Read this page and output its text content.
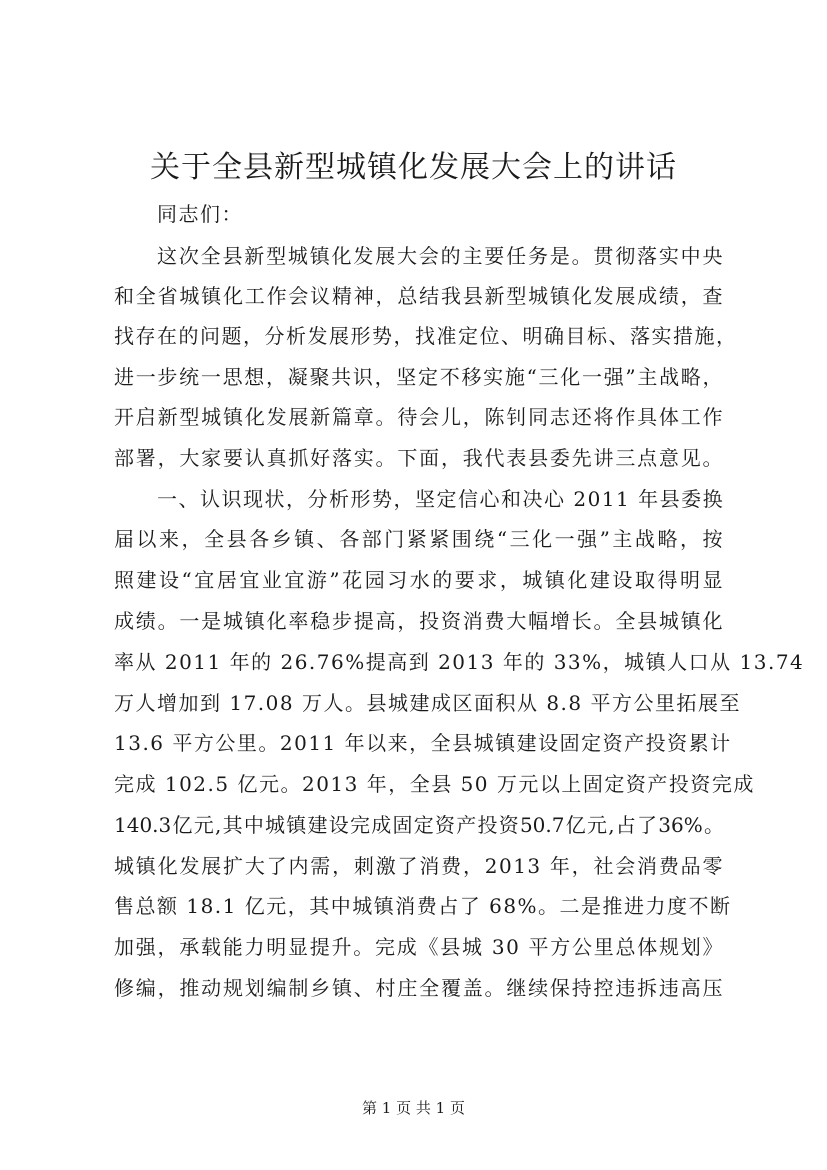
关于全县新型城镇化发展大会上的讲话
同志们：
这次全县新型城镇化发展大会的主要任务是。贯彻落实中央
和全省城镇化工作会议精神，总结我县新型城镇化发展成绩，查
找存在的问题，分析发展形势，找准定位、明确目标、落实措施，
进一步统一思想，凝聚共识，坚定不移实施“三化一强”主战略，
开启新型城镇化发展新篇章。待会儿，陈钊同志还将作具体工作
部署，大家要认真抓好落实。下面，我代表县委先讲三点意见。
一、认识现状，分析形势，坚定信心和决心 2011 年县委换
届以来，全县各乡镇、各部门紧紧围绕“三化一强”主战略，按
照建设“宜居宜业宜游”花园习水的要求，城镇化建设取得明显
成绩。一是城镇化率稳步提高，投资消费大幅增长。全县城镇化
率从 2011 年的 26.76%提高到 2013 年的 33%，城镇人口从 13.74
万人增加到 17.08 万人。县城建成区面积从 8.8 平方公里拓展至
13.6 平方公里。2011 年以来，全县城镇建设固定资产投资累计
完成 102.5 亿元。2013 年，全县 50 万元以上固定资产投资完成
140.3亿元,其中城镇建设完成固定资产投资50.7亿元,占了36%。
城镇化发展扩大了内需，刺激了消费，2013 年，社会消费品零
售总额 18.1 亿元，其中城镇消费占了 68%。二是推进力度不断
加强，承载能力明显提升。完成《县城 30 平方公里总体规划》
修编，推动规划编制乡镇、村庄全覆盖。继续保持控违拆违高压
第 1 页 共 1 页
